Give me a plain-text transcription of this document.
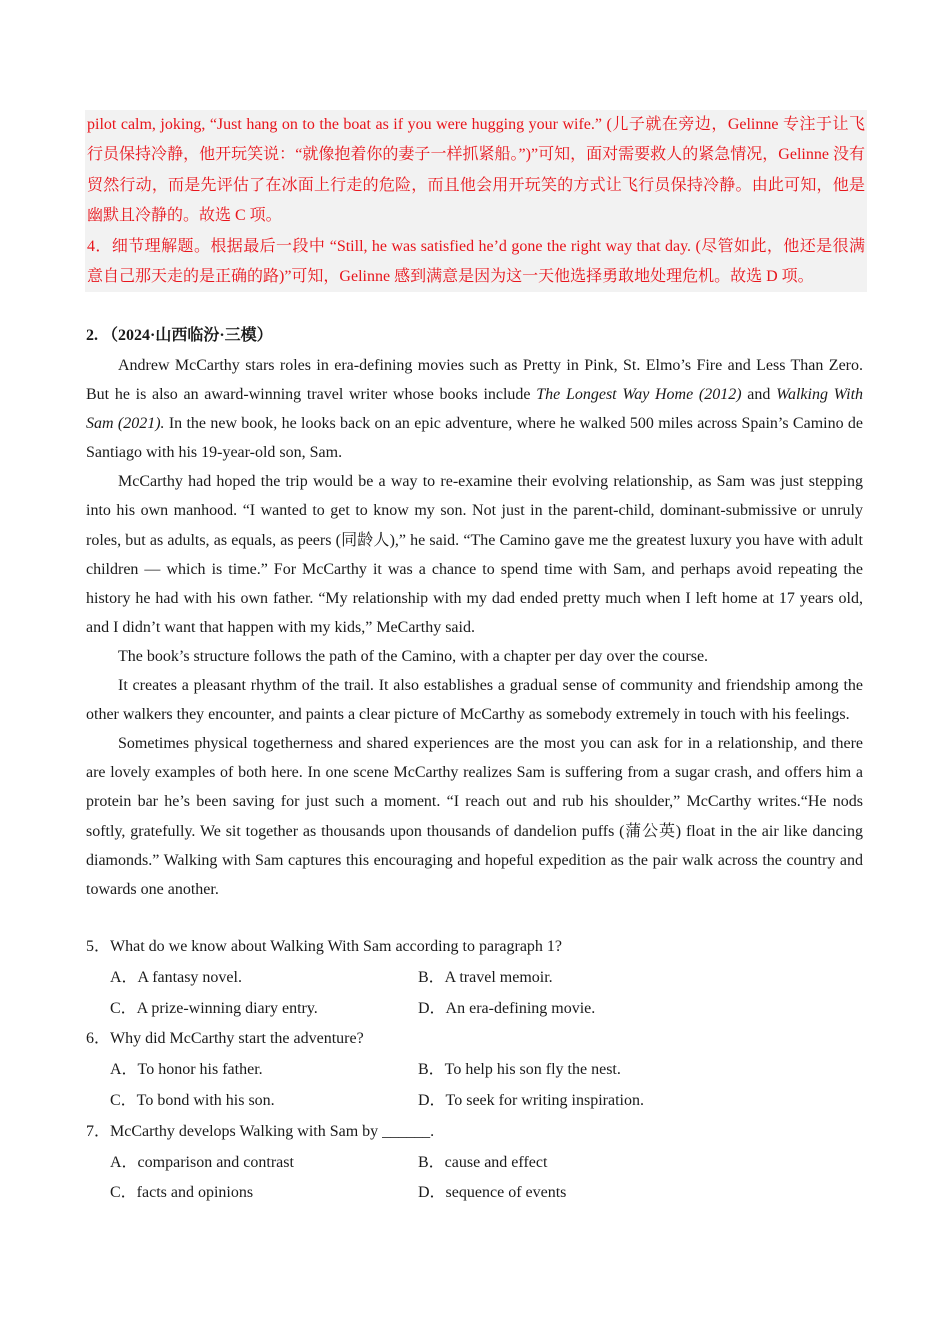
pilot calm, joking, “Just hang on to the boat as if you were hugging your wife.” (儿子就在旁边，Gelinne 专注于让飞行员保持冷静，他开玩笑说：“就像抱着你的妻子一样抓紧船。”)”可知，面对需要救人的紧急情况，Gelinne 没有贸然行动，而是先评估了在冰面上行走的危险，而且他会用开玩笑的方式让飞行员保持冷静。由此可知，他是幽默且冷静的。故选 C 项。

4．细节理解题。根据最后一段中 “Still, he was satisfied he’d gone the right way that day. (尽管如此，他还是很满意自己那天走的是正确的路)”可知，Gelinne 感到满意是因为这一天他选择勇敢地处理危机。故选 D 项。

2. （2024·山西临汾·三模）

Andrew McCarthy stars roles in era-defining movies such as Pretty in Pink, St. Elmo’s Fire and Less Than Zero. But he is also an award-winning travel writer whose books include The Longest Way Home (2012) and Walking With Sam (2021). In the new book, he looks back on an epic adventure, where he walked 500 miles across Spain’s Camino de Santiago with his 19-year-old son, Sam.

McCarthy had hoped the trip would be a way to re-examine their evolving relationship, as Sam was just stepping into his own manhood. “I wanted to get to know my son. Not just in the parent-child, dominant-submissive or unruly roles, but as adults, as equals, as peers (同龄人),” he said. “The Camino gave me the greatest luxury you have with adult children — which is time.” For McCarthy it was a chance to spend time with Sam, and perhaps avoid repeating the history he had with his own father. “My relationship with my dad ended pretty much when I left home at 17 years old, and I didn’t want that happen with my kids,” MeCarthy said.

The book’s structure follows the path of the Camino, with a chapter per day over the course.

It creates a pleasant rhythm of the trail. It also establishes a gradual sense of community and friendship among the other walkers they encounter, and paints a clear picture of McCarthy as somebody extremely in touch with his feelings.

Sometimes physical togetherness and shared experiences are the most you can ask for in a relationship, and there are lovely examples of both here. In one scene McCarthy realizes Sam is suffering from a sugar crash, and offers him a protein bar he’s been saving for just such a moment. “I reach out and rub his shoulder,” McCarthy writes.“He nods softly, gratefully. We sit together as thousands upon thousands of dandelion puffs (蒲公英) float in the air like dancing diamonds.” Walking with Sam captures this encouraging and hopeful expedition as the pair walk across the country and towards one another.

5．What do we know about Walking With Sam according to paragraph 1?

A．A fantasy novel.	B．A travel memoir.
C．A prize-winning diary entry.	D．An era-defining movie.

6．Why did McCarthy start the adventure?

A．To honor his father.	B．To help his son fly the nest.
C．To bond with his son.	D．To seek for writing inspiration.

7．McCarthy develops Walking with Sam by ______.

A．comparison and contrast	B．cause and effect
C．facts and opinions	D．sequence of events
